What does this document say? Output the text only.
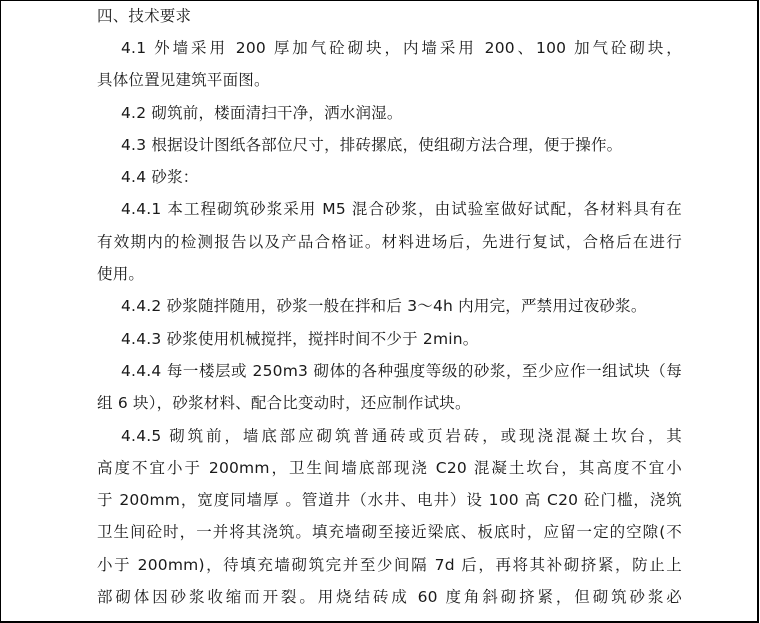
四、技术要求
4.1 外墙采用 200 厚加气砼砌块，内墙采用 200、100 加气砼砌块，
具体位置见建筑平面图。
4.2 砌筑前，楼面清扫干净，洒水润湿。
4.3 根据设计图纸各部位尺寸，排砖摞底，使组砌方法合理，便于操作。
4.4 砂浆：
4.4.1 本工程砌筑砂浆采用 M5 混合砂浆，由试验室做好试配，各材料具有在
有效期内的检测报告以及产品合格证。材料进场后，先进行复试，合格后在进行
使用。
4.4.2 砂浆随拌随用，砂浆一般在拌和后 3～4h 内用完，严禁用过夜砂浆。
4.4.3 砂浆使用机械搅拌，搅拌时间不少于 2min。
4.4.4 每一楼层或 250m3 砌体的各种强度等级的砂浆，至少应作一组试块（每
组 6 块），砂浆材料、配合比变动时，还应制作试块。
4.4.5 砌筑前，墙底部应砌筑普通砖或页岩砖，或现浇混凝土坎台，其
高度不宜小于 200mm，卫生间墙底部现浇 C20 混凝土坎台，其高度不宜小
于 200mm，宽度同墙厚 。管道井（水井、电井）设 100 高 C20 砼门槛，浇筑
卫生间砼时，一并将其浇筑。填充墙砌至接近梁底、板底时，应留一定的空隙(不
小于 200mm)，待填充墙砌筑完并至少间隔 7d 后，再将其补砌挤紧，防止上
部砌体因砂浆收缩而开裂。用烧结砖成 60 度角斜砌挤紧，但砌筑砂浆必
